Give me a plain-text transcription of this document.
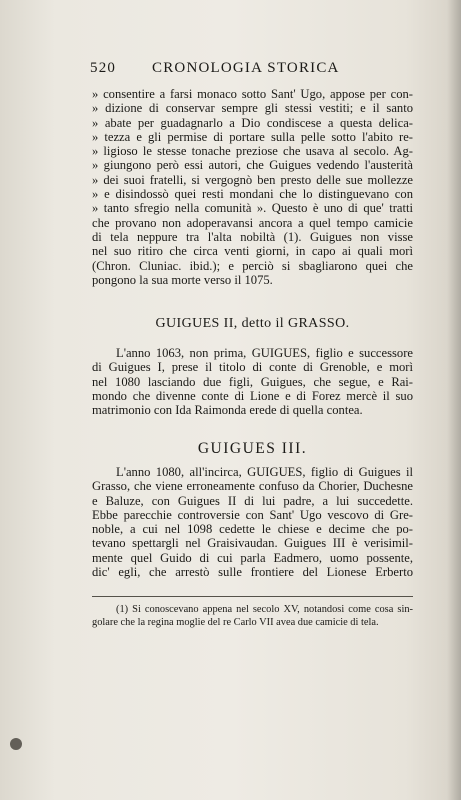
520 CRONOLOGIA STORICA
» consentire a farsi monaco sotto Sant' Ugo, appose per con-
» dizione di conservar sempre gli stessi vestiti; e il santo
» abate per guadagnarlo a Dio condiscese a questa delica-
» tezza e gli permise di portare sulla pelle sotto l'abito re-
» ligioso le stesse tonache preziose che usava al secolo. Ag-
» giungono però essi autori, che Guigues vedendo l'austerità
» dei suoi fratelli, si vergognò ben presto delle sue mollezze
» e disindossò quei resti mondani che lo distinguevano con
» tanto sfregio nella comunità ». Questo è uno di que' tratti
che provano non adoperavansi ancora a quel tempo camicie
di tela neppure tra l'alta nobiltà (1). Guigues non visse
nel suo ritiro che circa venti giorni, in capo ai quali morì
(Chron. Cluniac. ibid.); e perciò si sbagliarono quei che
pongono la sua morte verso il 1075.
GUIGUES II, detto il GRASSO.
L'anno 1063, non prima, GUIGUES, figlio e successore
di Guigues I, prese il titolo di conte di Grenoble, e morì
nel 1080 lasciando due figli, Guigues, che segue, e Rai-
mondo che divenne conte di Lione e di Forez mercè il suo
matrimonio con Ida Raimonda erede di quella contea.
GUIGUES III.
L'anno 1080, all'incirca, GUIGUES, figlio di Guigues il
Grasso, che viene erroneamente confuso da Chorier, Duchesne
e Baluze, con Guigues II di lui padre, a lui succedette.
Ebbe parecchie controversie con Sant' Ugo vescovo di Gre-
noble, a cui nel 1098 cedette le chiese e decime che po-
tevano spettargli nel Graisivaudan. Guigues III è verisimil-
mente quel Guido di cui parla Eadmero, uomo possente,
dic' egli, che arrestò sulle frontiere del Lionese Erberto
(1) Si conoscevano appena nel secolo XV, notandosi come cosa sin-
golare che la regina moglie del re Carlo VII avea due camicie di tela.
